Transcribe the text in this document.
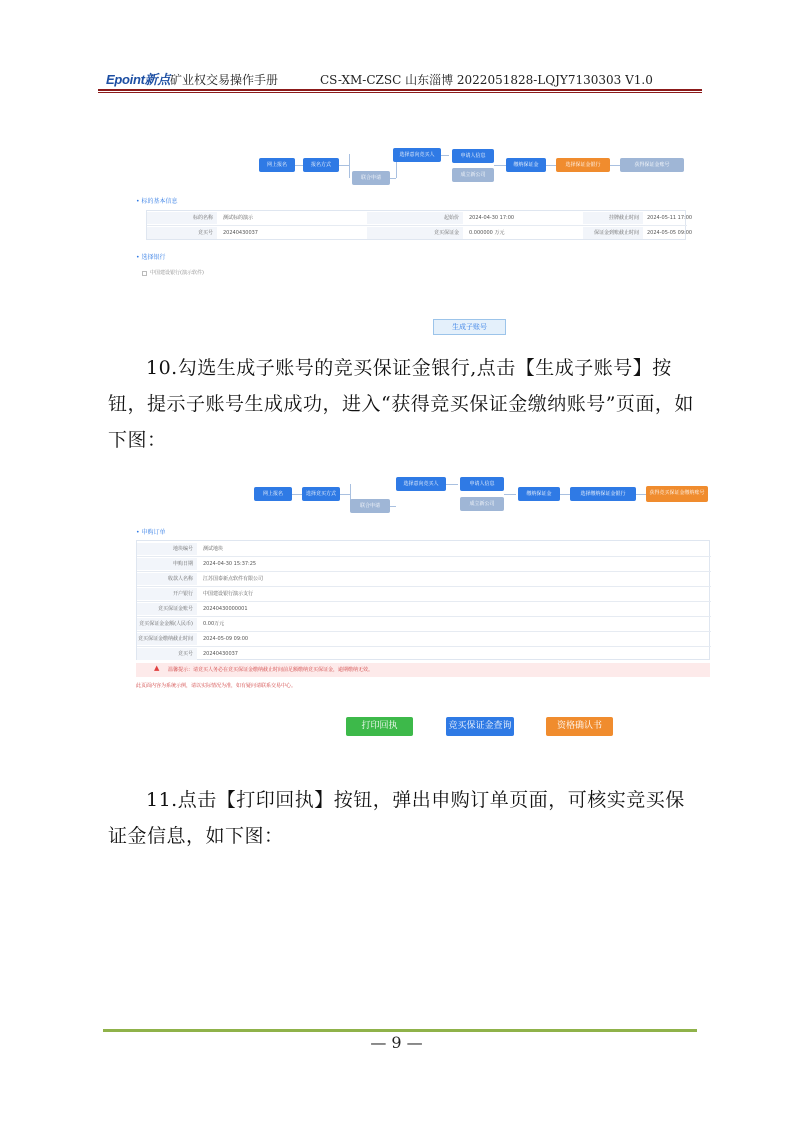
Epoint新点 矿业权交易操作手册	CS-XM-CZSC 山东淄博 2022051828-LQJY7130303 V1.0
网上报名	报名方式
联合申请
选择意向竞买人	申请人信息
成立新公司
缴纳保证金	选择保证金银行	获得保证金账号
• 标的基本信息
标的名称	测试标的演示	起始价	2024-04-30 17:00	挂牌截止时间	2024-05-11 17:00
竞买号	20240430037	竞买保证金	0.000000 万元	保证金到账截止时间	2024-05-05 09:00
• 选择银行
中国建设银行(演示软件)
生成子账号
10.勾选生成子账号的竞买保证金银行,点击【生成子账号】按钮，提示子账号生成成功，进入“获得竞买保证金缴纳账号”页面，如下图：
网上报名	选择竞买方式
联合申请
选择意向竞买人	申请人信息
成立新公司
缴纳保证金	选择缴纳保证金银行	获得竞买保证金缴纳账号
• 申购订单
地块编号	测试地块
申购日期	2024-04-30 15:37:25
收款人名称	江苏国泰新点软件有限公司
开户银行	中国建设银行演示支行
竞买保证金账号	20240430000001
竞买保证金金额(人民币)	0.00万元
竞买保证金缴纳截止时间	2024-05-09 09:00
竞买号	20240430037
▲ 温馨提示：请竞买人务必在竞买保证金缴纳截止时间前足额缴纳竞买保证金，逾期缴纳无效。
此页面内容为系统示例，请以实际情况为准，如有疑问请联系交易中心。
打印回执	竞买保证金查询	资格确认书
11.点击【打印回执】按钮，弹出申购订单页面，可核实竞买保证金信息，如下图：
— 9 —
